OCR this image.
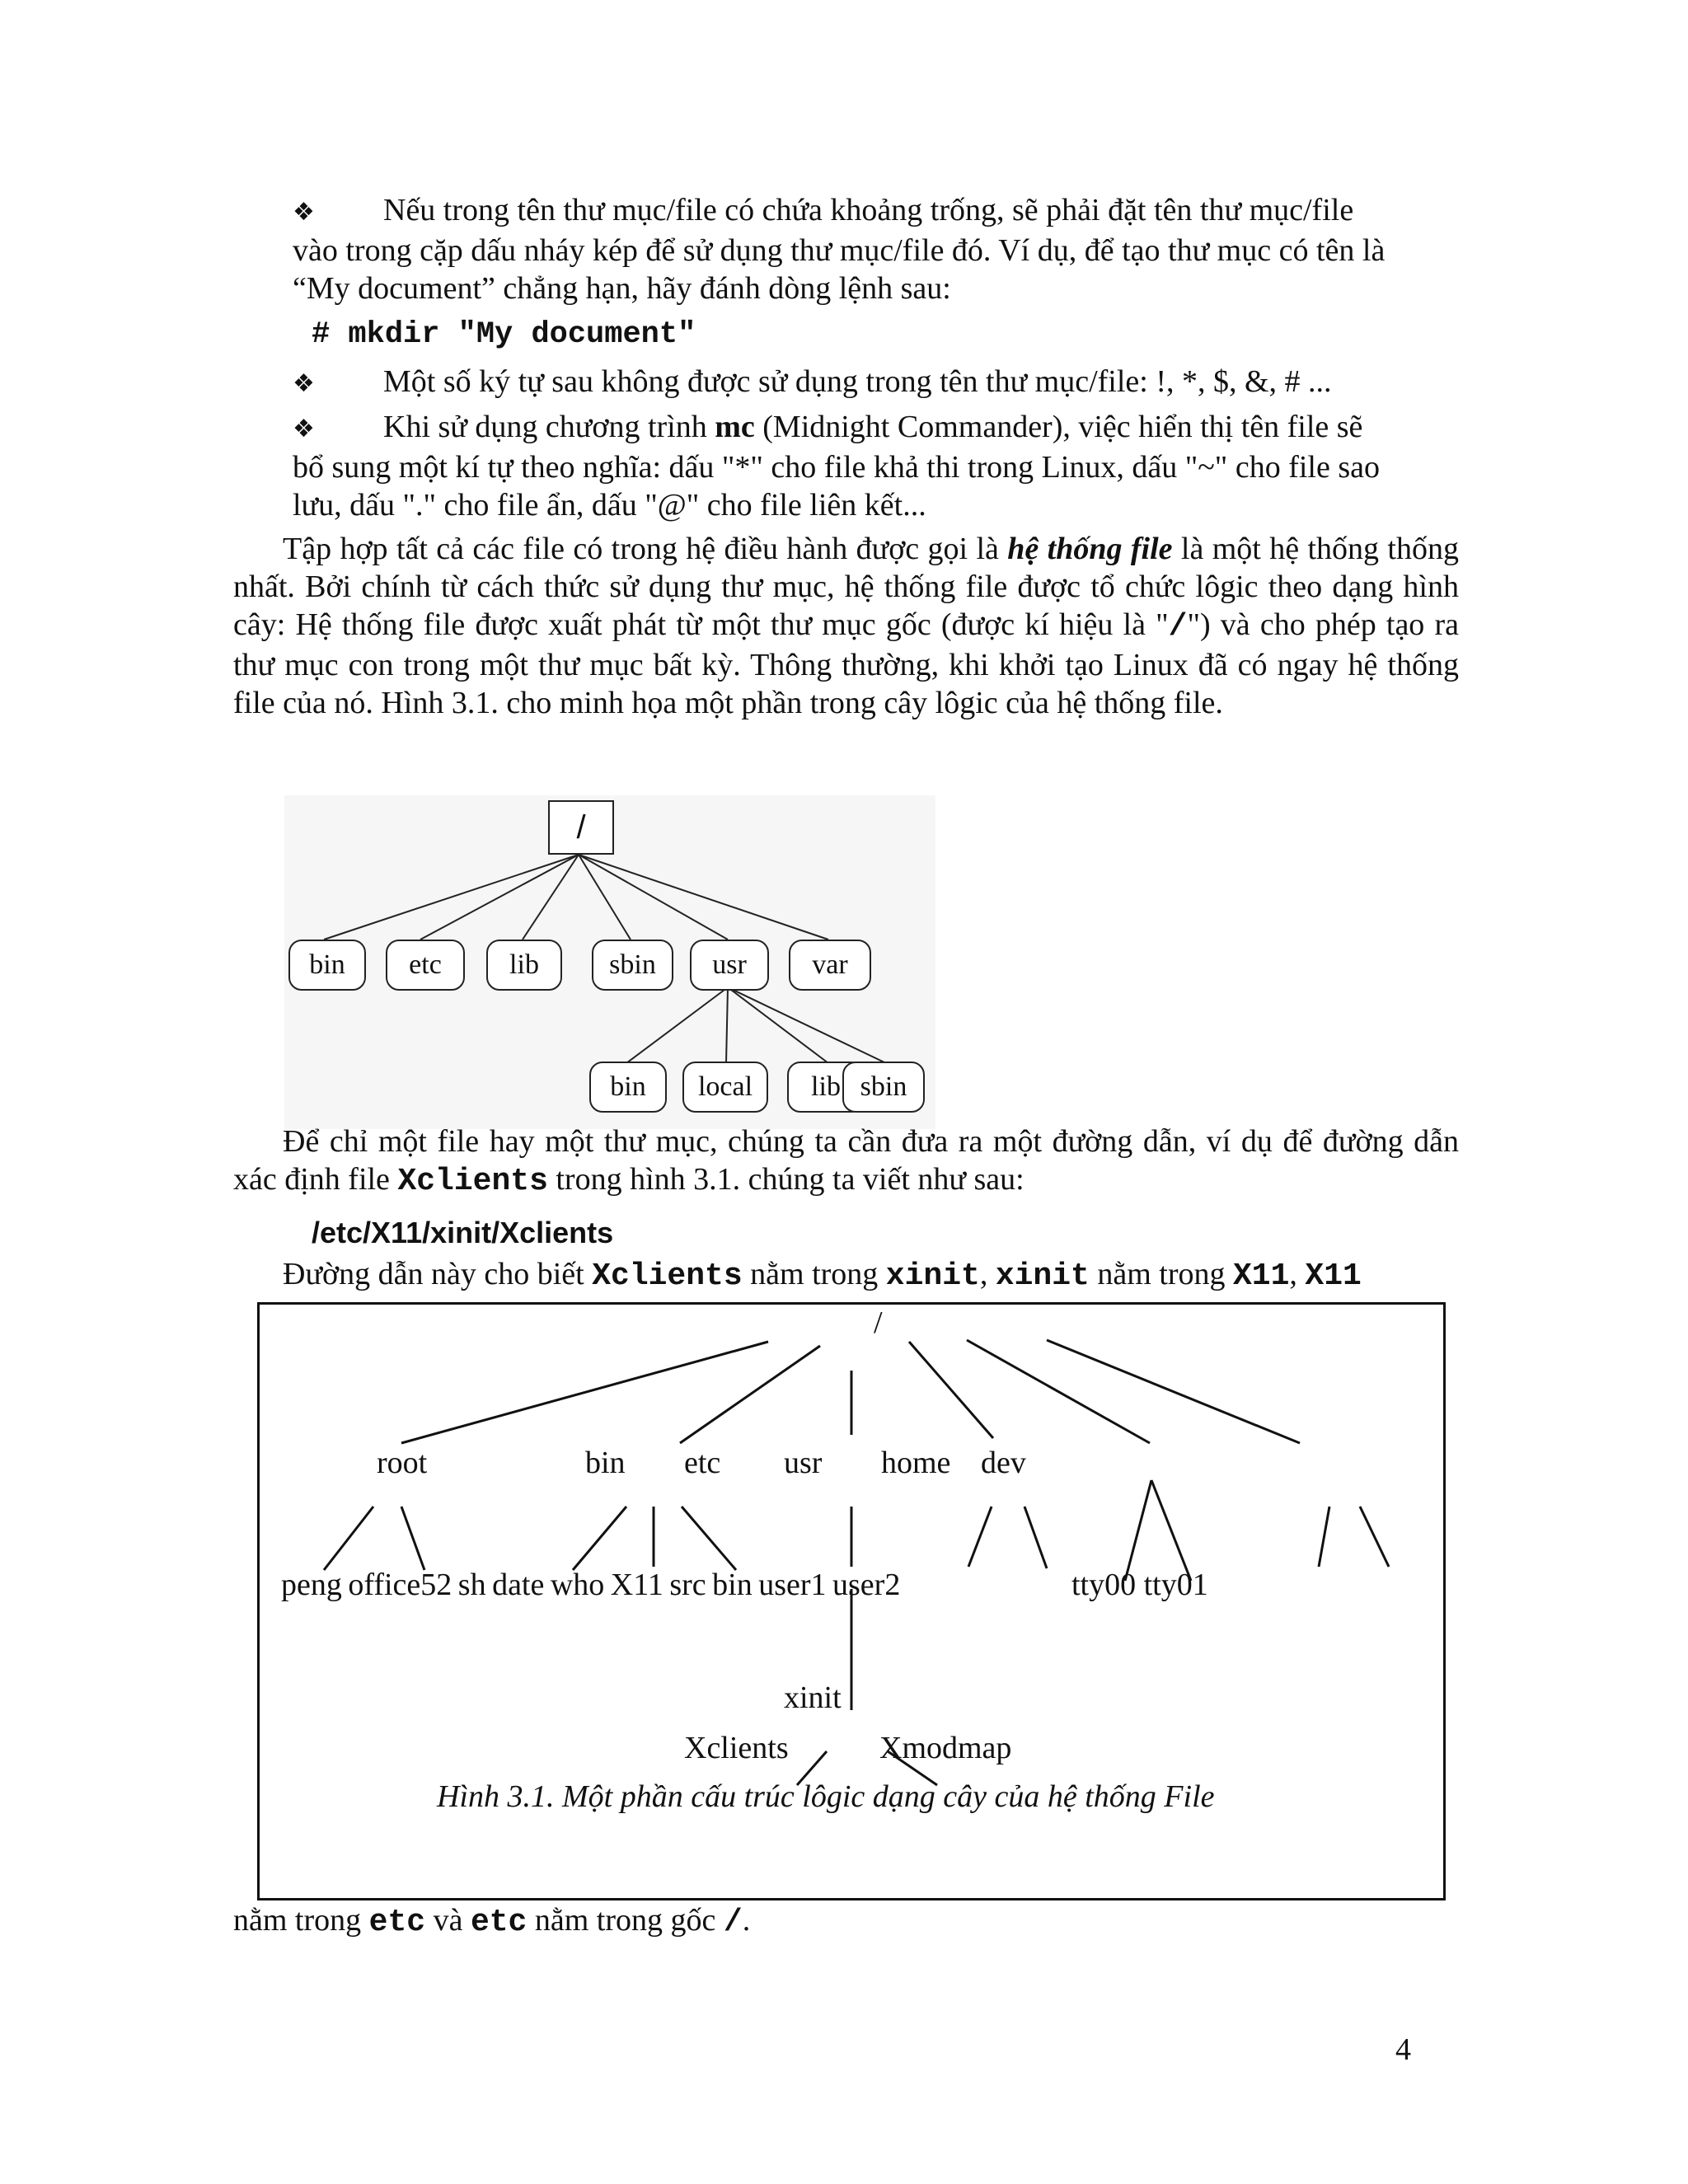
❖ Nếu trong tên thư mục/file có chứa khoảng trống, sẽ phải đặt tên thư mục/file
vào trong cặp dấu nháy kép để sử dụng thư mục/file đó. Ví dụ, để tạo thư mục có tên là
“My document” chẳng hạn, hãy đánh dòng lệnh sau:
# mkdir "My document"
❖ Một số ký tự sau không được sử dụng trong tên thư mục/file: !, *, $, &, # ...
❖ Khi sử dụng chương trình mc (Midnight Commander), việc hiển thị tên file sẽ
bổ sung một kí tự theo nghĩa: dấu "*" cho file khả thi trong Linux, dấu "~" cho file sao
lưu, dấu "." cho file ẩn, dấu "@" cho file liên kết...
Tập hợp tất cả các file có trong hệ điều hành được gọi là hệ thống file là một hệ thống thống nhất. Bởi chính từ cách thức sử dụng thư mục, hệ thống file được tổ chức lôgic theo dạng hình cây: Hệ thống file được xuất phát từ một thư mục gốc (được kí hiệu là "/") và cho phép tạo ra thư mục con trong một thư mục bất kỳ. Thông thường, khi khởi tạo Linux đã có ngay hệ thống file của nó. Hình 3.1. cho minh họa một phần trong cây lôgic của hệ thống file.
/
bin	etc	lib	sbin	usr	var
bin	local	lib sbin
Để chỉ một file hay một thư mục, chúng ta cần đưa ra một đường dẫn, ví dụ để đường dẫn xác định file Xclients trong hình 3.1. chúng ta viết như sau:
/etc/X11/xinit/Xclients
Đường dẫn này cho biết Xclients nằm trong xinit, xinit nằm trong X11, X11
/
root	bin etc usr home dev
peng office52 sh date who X11 src bin user1 user2	tty00 tty01
xinit
Xclients	Xmodmap
Hình 3.1. Một phần cấu trúc lôgic dạng cây của hệ thống File
nằm trong etc và etc nằm trong gốc /.
4
